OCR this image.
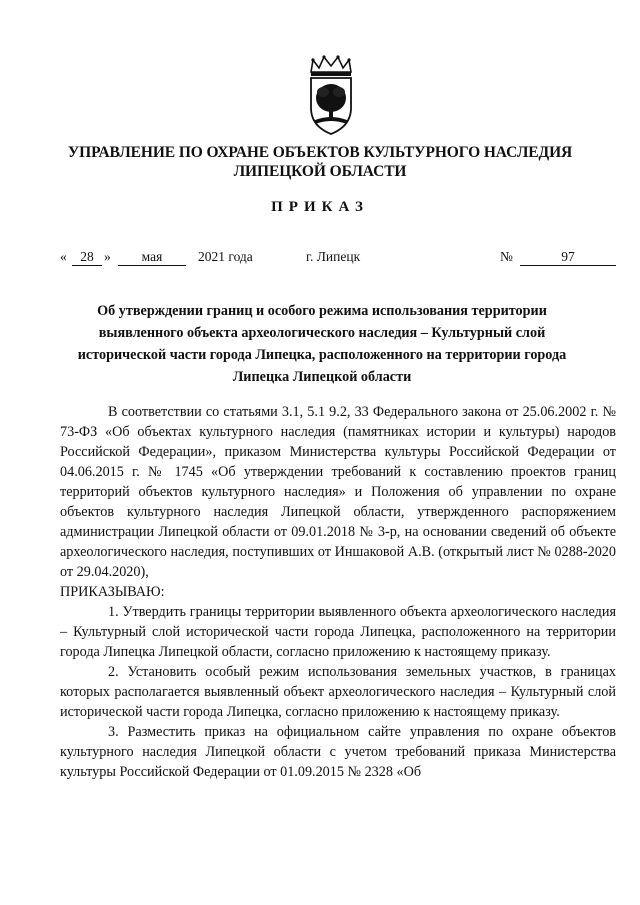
УПРАВЛЕНИЕ ПО ОХРАНЕ ОБЪЕКТОВ КУЛЬТУРНОГО НАСЛЕДИЯ
ЛИПЕЦКОЙ ОБЛАСТИ
ПРИКАЗ
«	28 »	мая	2021 года	г. Липецк	№	97
Об утверждении границ и особого режима использования территории выявленного объекта археологического наследия – Культурный слой исторической части города Липецка, расположенного на территории города Липецка Липецкой области

В соответствии со статьями 3.1, 5.1 9.2, 33 Федерального закона от 25.06.2002 г. № 73-ФЗ «Об объектах культурного наследия (памятниках истории и культуры) народов Российской Федерации», приказом Министерства культуры Российской Федерации от 04.06.2015 г. № 1745 «Об утверждении требований к составлению проектов границ территорий объектов культурного наследия» и Положения об управлении по охране объектов культурного наследия Липецкой области, утвержденного распоряжением администрации Липецкой области от 09.01.2018 № 3-р, на основании сведений об объекте археологического наследия, поступивших от Иншаковой А.В. (открытый лист № 0288-2020 от 29.04.2020),

ПРИКАЗЫВАЮ:

1. Утвердить границы территории выявленного объекта археологического наследия – Культурный слой исторической части города Липецка, расположенного на территории города Липецка Липецкой области, согласно приложению к настоящему приказу.

2. Установить особый режим использования земельных участков, в границах которых располагается выявленный объект археологического наследия – Культурный слой исторической части города Липецка, согласно приложению к настоящему приказу.

3. Разместить приказ на официальном сайте управления по охране объектов культурного наследия Липецкой области с учетом требований приказа Министерства культуры Российской Федерации от 01.09.2015 № 2328 «Об
